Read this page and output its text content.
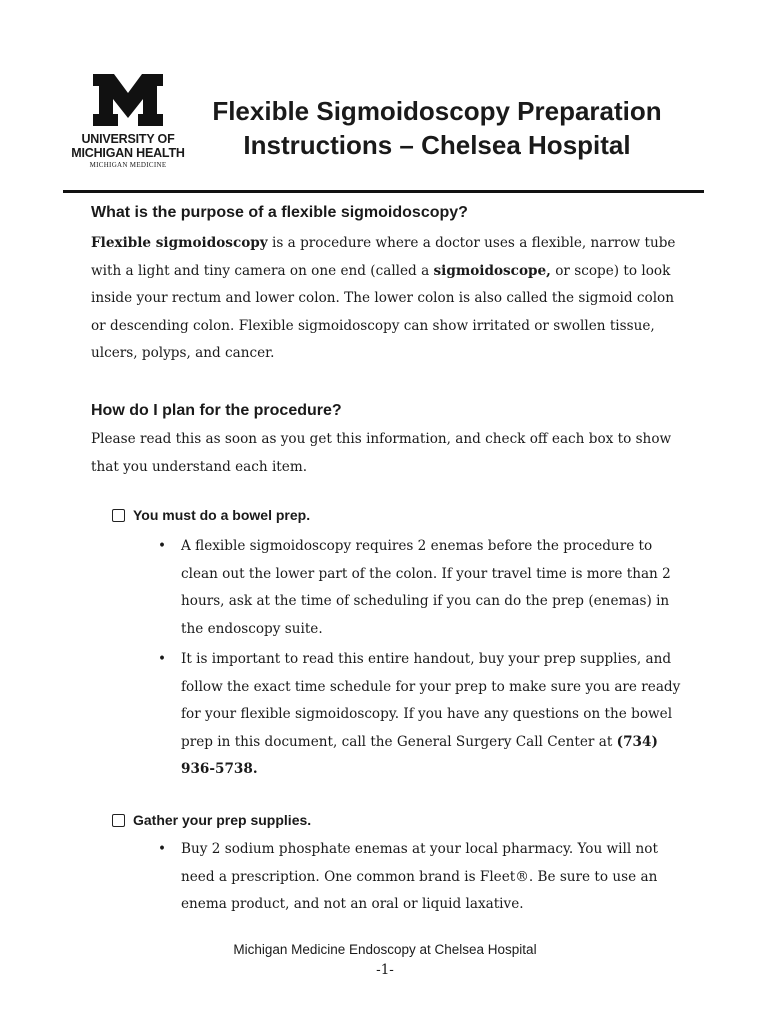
UNIVERSITY OF
MICHIGAN HEALTH
MICHIGAN MEDICINE
Flexible Sigmoidoscopy Preparation
Instructions – Chelsea Hospital
What is the purpose of a flexible sigmoidoscopy?

Flexible sigmoidoscopy is a procedure where a doctor uses a flexible, narrow tube with a light and tiny camera on one end (called a sigmoidoscope, or scope) to look inside your rectum and lower colon. The lower colon is also called the sigmoid colon or descending colon. Flexible sigmoidoscopy can show irritated or swollen tissue, ulcers, polyps, and cancer.

How do I plan for the procedure?

Please read this as soon as you get this information, and check off each box to show that you understand each item.

You must do a bowel prep.
• A flexible sigmoidoscopy requires 2 enemas before the procedure to clean out the lower part of the colon. If your travel time is more than 2 hours, ask at the time of scheduling if you can do the prep (enemas) in the endoscopy suite.
• It is important to read this entire handout, buy your prep supplies, and follow the exact time schedule for your prep to make sure you are ready for your flexible sigmoidoscopy. If you have any questions on the bowel prep in this document, call the General Surgery Call Center at (734) 936-5738.
Gather your prep supplies.
• Buy 2 sodium phosphate enemas at your local pharmacy. You will not need a prescription. One common brand is Fleet®. Be sure to use an enema product, and not an oral or liquid laxative.
Michigan Medicine Endoscopy at Chelsea Hospital
-1-
